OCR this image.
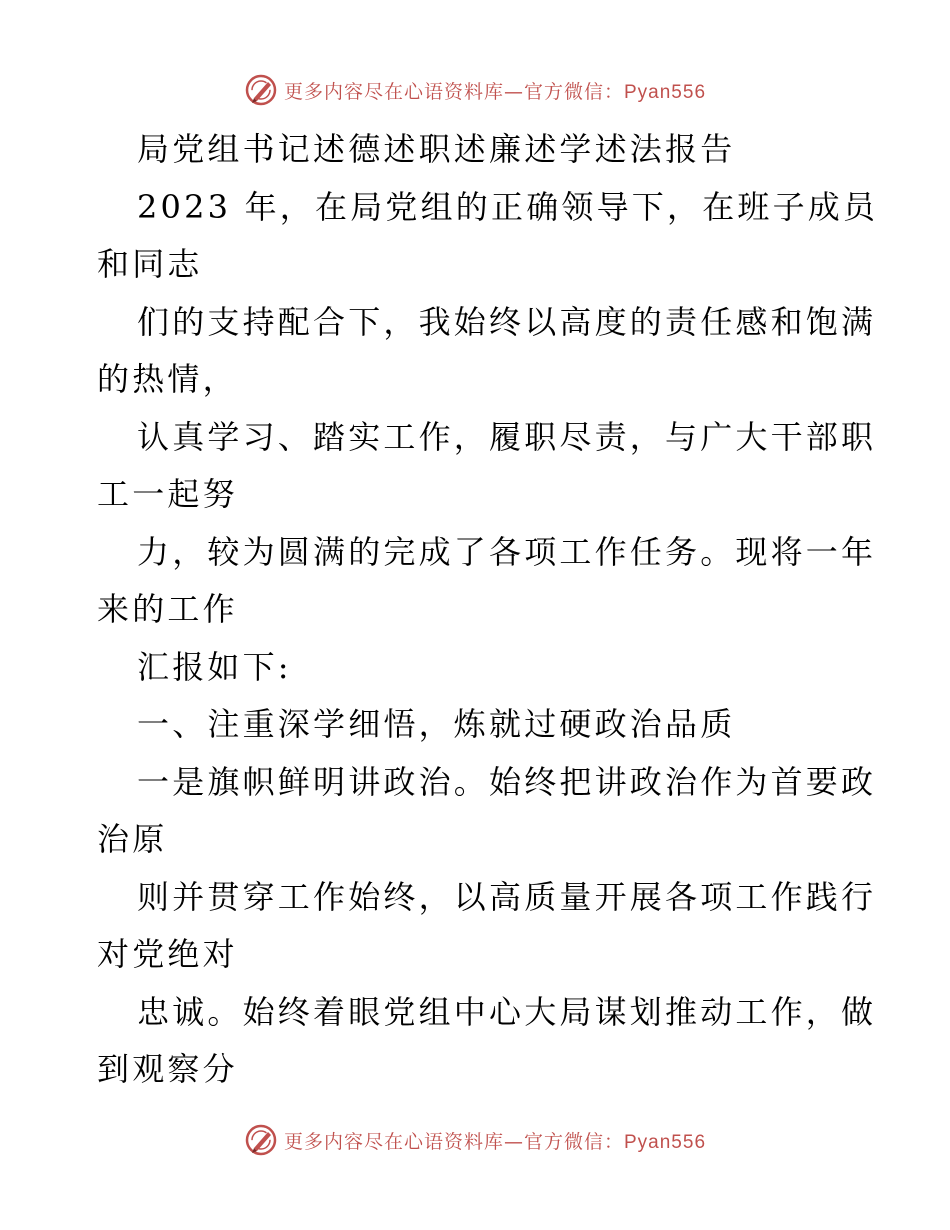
更多内容尽在心语资料库—官方微信：Pyan556
局党组书记述德述职述廉述学述法报告
2023 年，在局党组的正确领导下，在班子成员
和同志
们的支持配合下，我始终以高度的责任感和饱满
的热情，
认真学习、踏实工作，履职尽责，与广大干部职
工一起努
力，较为圆满的完成了各项工作任务。现将一年
来的工作
汇报如下:
一、注重深学细悟，炼就过硬政治品质
一是旗帜鲜明讲政治。始终把讲政治作为首要政
治原
则并贯穿工作始终，以高质量开展各项工作践行
对党绝对
忠诚。始终着眼党组中心大局谋划推动工作，做
到观察分
更多内容尽在心语资料库—官方微信：Pyan556
